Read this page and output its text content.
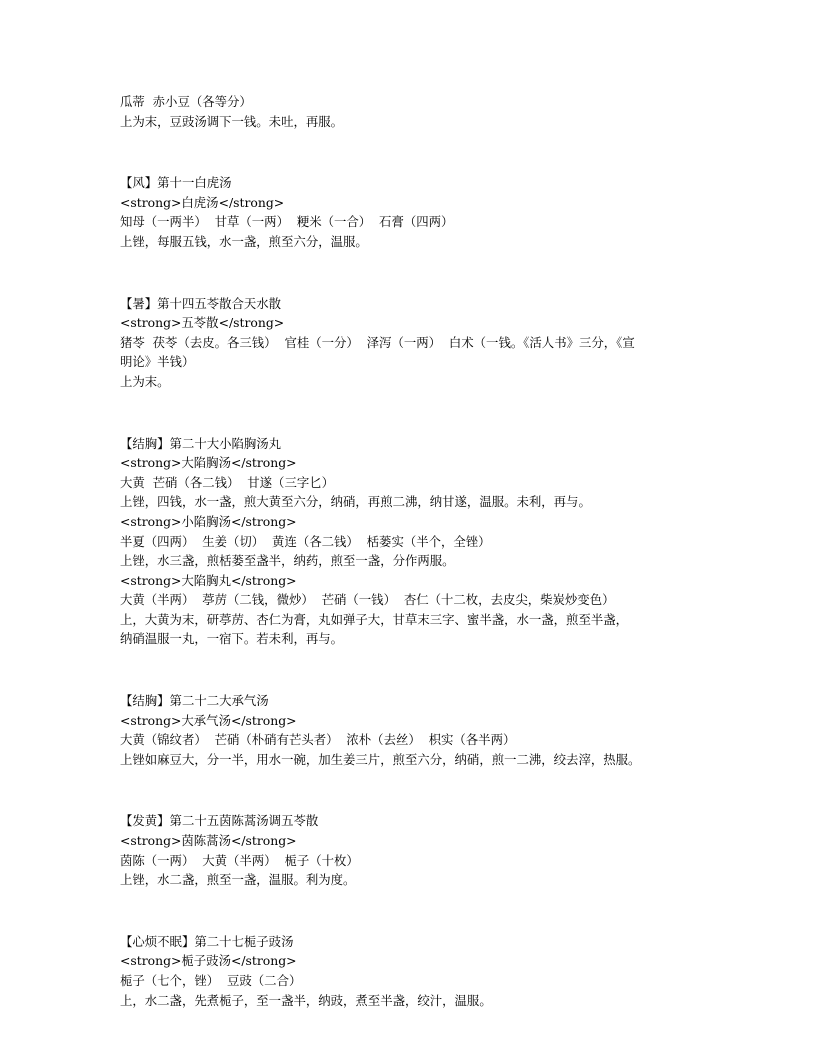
瓜蒂  赤小豆（各等分）

上为末，豆豉汤调下一钱。未吐，再服。

【风】第十一白虎汤

<strong>白虎汤</strong>

知母（一两半）  甘草（一两）  粳米（一合）  石膏（四两）

上锉，每服五钱，水一盏，煎至六分，温服。

【暑】第十四五苓散合天水散

<strong>五苓散</strong>

猪苓  茯苓（去皮。各三钱）  官桂（一分）  泽泻（一两）  白术（一钱。《活人书》三分，《宣

明论》半钱）

上为末。

【结胸】第二十大小陷胸汤丸

<strong>大陷胸汤</strong>

大黄  芒硝（各二钱）  甘遂（三字匕）

上锉，四钱，水一盏，煎大黄至六分，纳硝，再煎二沸，纳甘遂，温服。未利，再与。

<strong>小陷胸汤</strong>

半夏（四两）  生姜（切）  黄连（各二钱）  栝蒌实（半个，全锉）

上锉，水三盏，煎栝蒌至盏半，纳药，煎至一盏，分作两服。

<strong>大陷胸丸</strong>

大黄（半两）  葶苈（二钱，微炒）  芒硝（一钱）  杏仁（十二枚，去皮尖，柴炭炒变色）

上，大黄为末，研葶苈、杏仁为膏，丸如弹子大，甘草末三字、蜜半盏，水一盏，煎至半盏，

纳硝温服一丸，一宿下。若未利，再与。

【结胸】第二十二大承气汤

<strong>大承气汤</strong>

大黄（锦纹者）  芒硝（朴硝有芒头者）  浓朴（去丝）  枳实（各半两）

上锉如麻豆大，分一半，用水一碗，加生姜三片，煎至六分，纳硝，煎一二沸，绞去滓，热服。

【发黄】第二十五茵陈蒿汤调五苓散

<strong>茵陈蒿汤</strong>

茵陈（一两）  大黄（半两）  栀子（十枚）

上锉，水二盏，煎至一盏，温服。利为度。

【心烦不眠】第二十七栀子豉汤

<strong>栀子豉汤</strong>

栀子（七个，锉）  豆豉（二合）

上，水二盏，先煮栀子，至一盏半，纳豉，煮至半盏，绞汁，温服。
